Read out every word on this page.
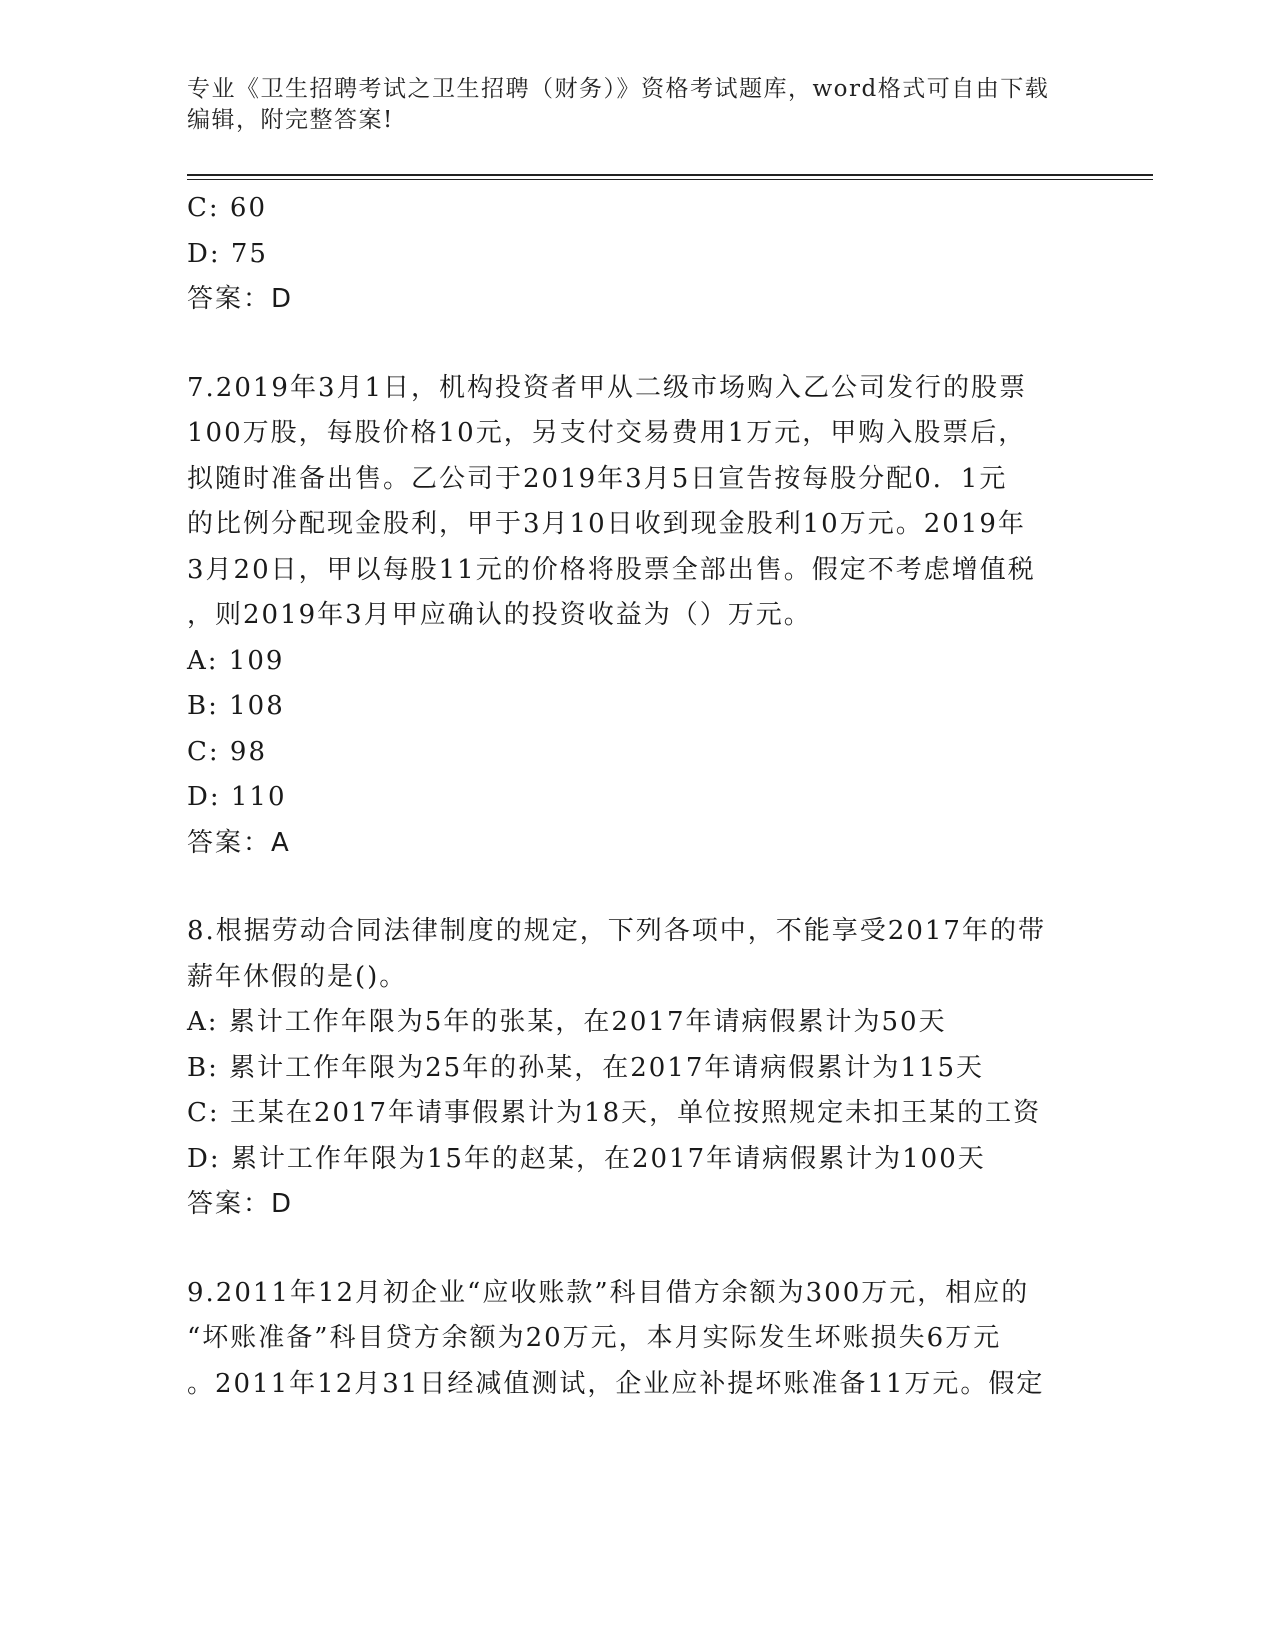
专业《卫生招聘考试之卫生招聘（财务）》资格考试题库，word格式可自由下载
编辑，附完整答案!
C: 60
D: 75
答案：D
7.2019年3月1日，机构投资者甲从二级市场购入乙公司发行的股票
100万股，每股价格10元，另支付交易费用1万元，甲购入股票后，
拟随时准备出售。乙公司于2019年3月5日宣告按每股分配0．1元
的比例分配现金股利，甲于3月10日收到现金股利10万元。2019年
3月20日，甲以每股11元的价格将股票全部出售。假定不考虑增值税
，则2019年3月甲应确认的投资收益为（）万元。
A: 109
B: 108
C: 98
D: 110
答案：A
8.根据劳动合同法律制度的规定，下列各项中，不能享受2017年的带
薪年休假的是()。
A: 累计工作年限为5年的张某，在2017年请病假累计为50天
B: 累计工作年限为25年的孙某，在2017年请病假累计为115天
C: 王某在2017年请事假累计为18天，单位按照规定未扣王某的工资
D: 累计工作年限为15年的赵某，在2017年请病假累计为100天
答案：D
9.2011年12月初企业“应收账款”科目借方余额为300万元，相应的
“坏账准备”科目贷方余额为20万元，本月实际发生坏账损失6万元
。2011年12月31日经减值测试，企业应补提坏账准备11万元。假定
